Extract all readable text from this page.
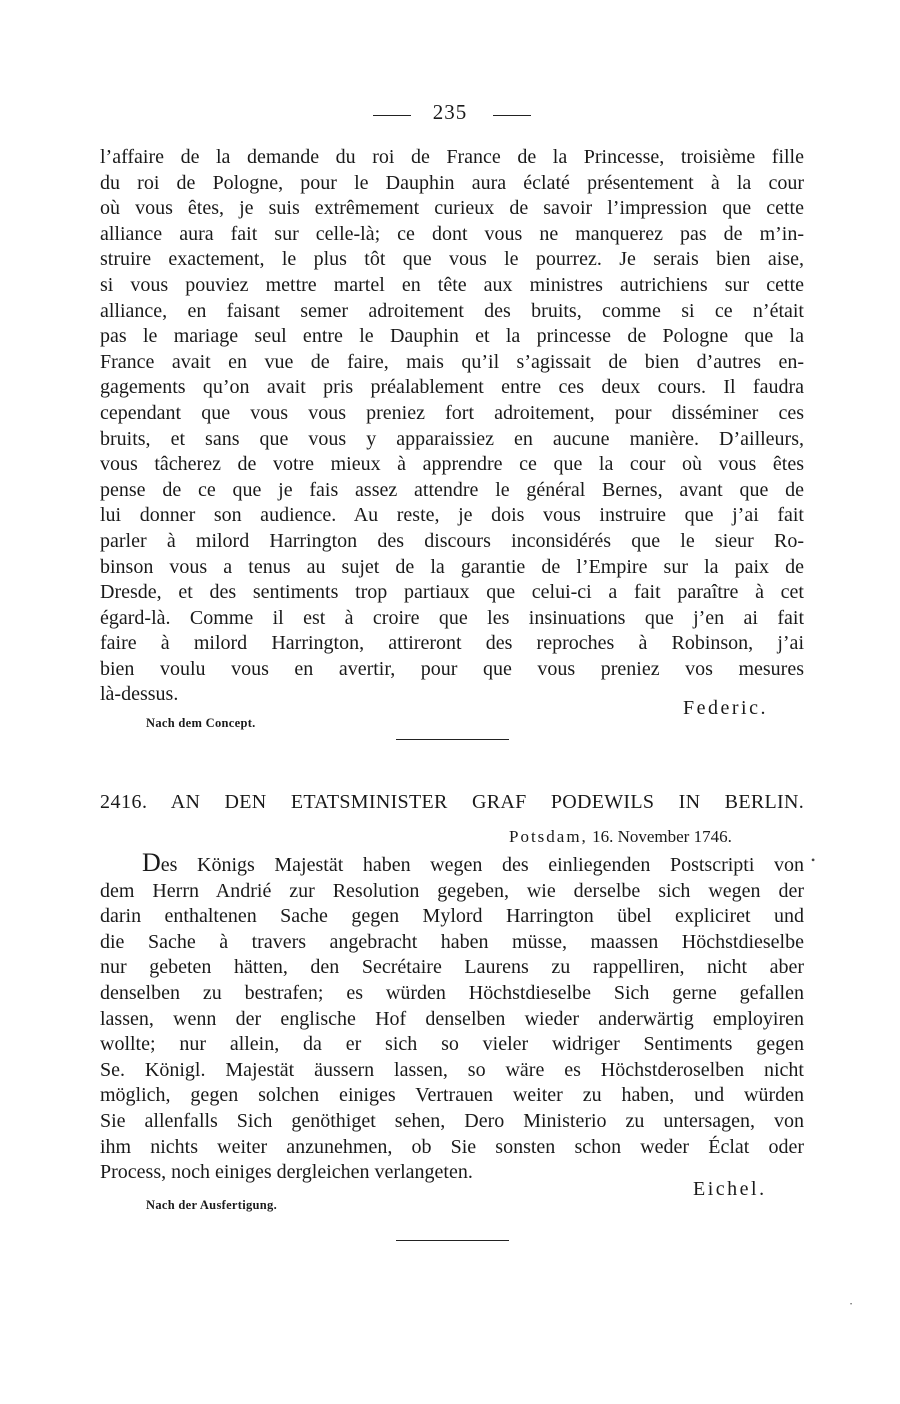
235
l’affaire de la demande du roi de France de la Princesse, troisième fille
du roi de Pologne, pour le Dauphin aura éclaté présentement à la cour
où vous êtes, je suis extrêmement curieux de savoir l’impression que cette
alliance aura fait sur celle-là; ce dont vous ne manquerez pas de m’in-
struire exactement, le plus tôt que vous le pourrez. Je serais bien aise,
si vous pouviez mettre martel en tête aux ministres autrichiens sur cette
alliance, en faisant semer adroitement des bruits, comme si ce n’était
pas le mariage seul entre le Dauphin et la princesse de Pologne que la
France avait en vue de faire, mais qu’il s’agissait de bien d’autres en-
gagements qu’on avait pris préalablement entre ces deux cours. Il faudra
cependant que vous vous preniez fort adroitement, pour disséminer ces
bruits, et sans que vous y apparaissiez en aucune manière. D’ailleurs,
vous tâcherez de votre mieux à apprendre ce que la cour où vous êtes
pense de ce que je fais assez attendre le général Bernes, avant que de
lui donner son audience. Au reste, je dois vous instruire que j’ai fait
parler à milord Harrington des discours inconsidérés que le sieur Ro-
binson vous a tenus au sujet de la garantie de l’Empire sur la paix de
Dresde, et des sentiments trop partiaux que celui-ci a fait paraître à cet
égard-là. Comme il est à croire que les insinuations que j’en ai fait
faire à milord Harrington, attireront des reproches à Robinson, j’ai
bien voulu vous en avertir, pour que vous preniez vos mesures
là-dessus.
Federic.
Nach dem Concept.
2416. AN DEN ETATSMINISTER GRAF PODEWILS IN BERLIN.
Potsdam, 16. November 1746.
Des Königs Majestät haben wegen des einliegenden Postscripti von
dem Herrn Andrié zur Resolution gegeben, wie derselbe sich wegen der
darin enthaltenen Sache gegen Mylord Harrington übel expliciret und
die Sache à travers angebracht haben müsse, maassen Höchstdieselbe
nur gebeten hätten, den Secrétaire Laurens zu rappelliren, nicht aber
denselben zu bestrafen; es würden Höchstdieselbe Sich gerne gefallen
lassen, wenn der englische Hof denselben wieder anderwärtig employiren
wollte; nur allein, da er sich so vieler widriger Sentiments gegen
Se. Königl. Majestät äussern lassen, so wäre es Höchstderoselben nicht
möglich, gegen solchen einiges Vertrauen weiter zu haben, und würden
Sie allenfalls Sich genöthiget sehen, Dero Ministerio zu untersagen, von
ihm nichts weiter anzunehmen, ob Sie sonsten schon weder Éclat oder
Process, noch einiges dergleichen verlangeten.
Eichel.
Nach der Ausfertigung.
•
•
